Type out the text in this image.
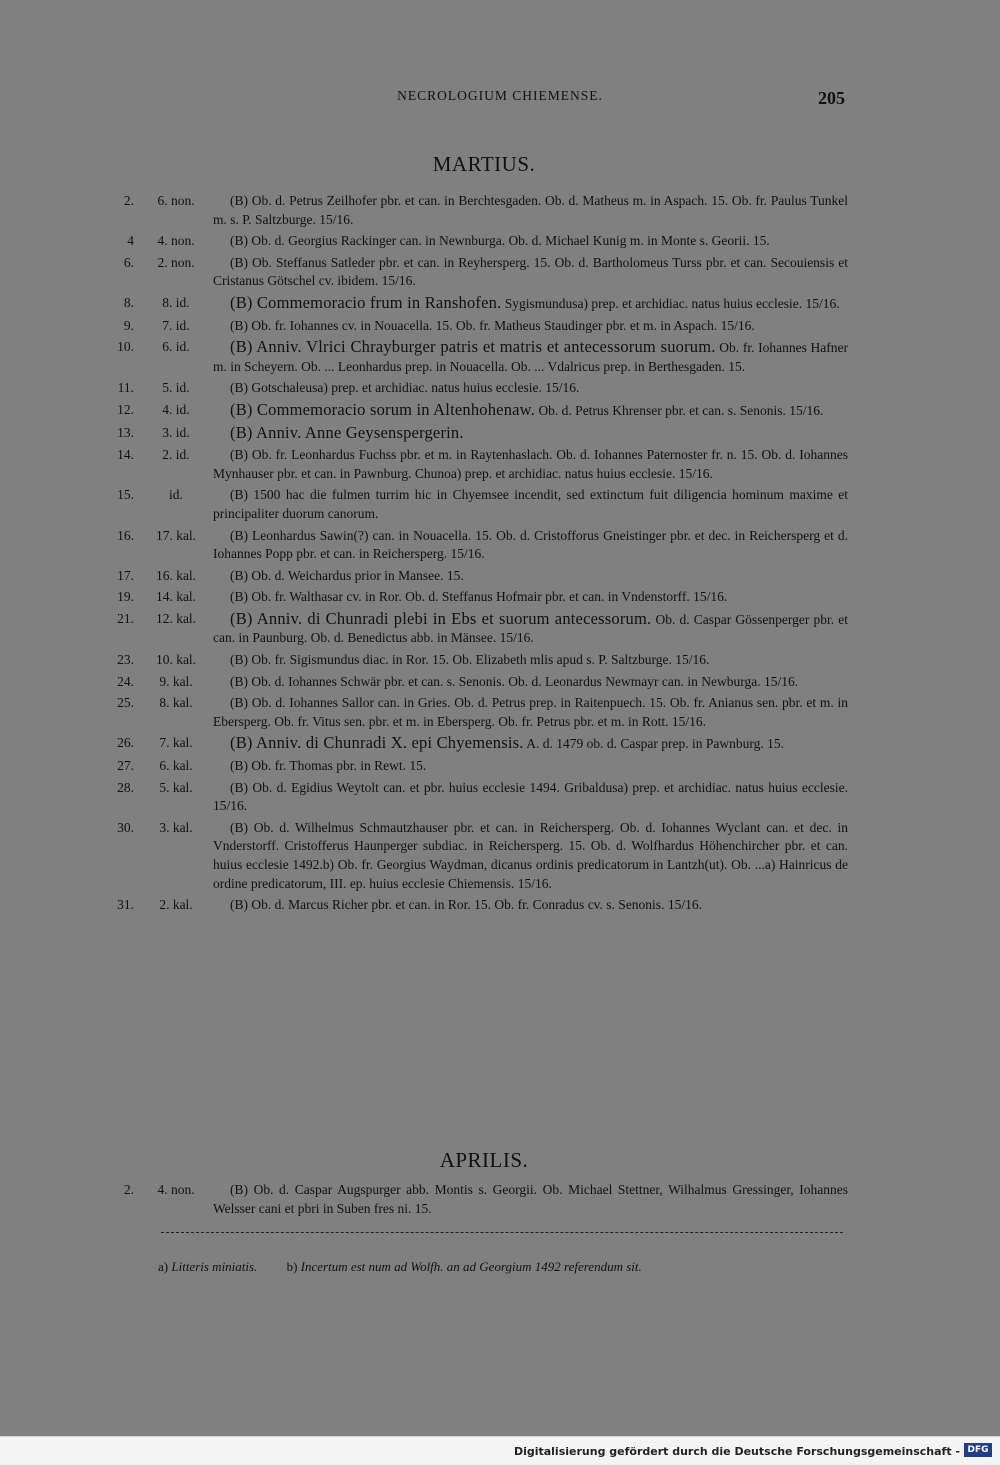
NECROLOGIUM CHIEMENSE.	205
MARTIUS.
2.	6. non.	(B) Ob. d. Petrus Zeilhofer pbr. et can. in Berchtesgaden. Ob. d. Matheus m. in Aspach. 15. Ob. fr. Paulus Tunkel m. s. P. Saltzburge. 15/16.
4	4. non.	(B) Ob. d. Georgius Rackinger can. in Newnburga. Ob. d. Michael Kunig m. in Monte s. Georii. 15.
6.	2. non.	(B) Ob. Steffanus Satleder pbr. et can. in Reyhersperg. 15. Ob. d. Bartholomeus Turss pbr. et can. Secouiensis et Cristanus Götschel cv. ibidem. 15/16.
8.	8. id.	(B) Commemoracio frum in Ranshofen. Sygismundusa) prep. et archidiac. natus huius ecclesie. 15/16.
9.	7. id.	(B) Ob. fr. Iohannes cv. in Nouacella. 15. Ob. fr. Matheus Staudinger pbr. et m. in Aspach. 15/16.
10.	6. id.	(B) Anniv. Vlrici Chrayburger patris et matris et antecessorum suorum. Ob. fr. Iohannes Hafner m. in Scheyern. Ob. ... Leonhardus prep. in Nouacella. Ob. ... Vdalricus prep. in Berthesgaden. 15.
11.	5. id.	(B) Gotschaleusa) prep. et archidiac. natus huius ecclesie. 15/16.
12.	4. id.	(B) Commemoracio sorum in Altenhohenaw. Ob. d. Petrus Khrenser pbr. et can. s. Senonis. 15/16.
13.	3. id.	(B) Anniv. Anne Geysenspergerin.
14.	2. id.	(B) Ob. fr. Leonhardus Fuchss pbr. et m. in Raytenhaslach. Ob. d. Iohannes Paternoster fr. n. 15. Ob. d. Iohannes Mynhauser pbr. et can. in Pawnburg. Chunoa) prep. et archidiac. natus huius ecclesie. 15/16.
15.	id.	(B) 1500 hac die fulmen turrim hic in Chyemsee incendit, sed extinctum fuit diligencia hominum maxime et principaliter duorum canorum.
16.	17. kal.	(B) Leonhardus Sawin(?) can. in Nouacella. 15. Ob. d. Cristofforus Gneistinger pbr. et dec. in Reichersperg et d. Iohannes Popp pbr. et can. in Reichersperg. 15/16.
17.	16. kal.	(B) Ob. d. Weichardus prior in Mansee. 15.
19.	14. kal.	(B) Ob. fr. Walthasar cv. in Ror. Ob. d. Steffanus Hofmair pbr. et can. in Vndenstorff. 15/16.
21.	12. kal.	(B) Anniv. di Chunradi plebi in Ebs et suorum antecessorum. Ob. d. Caspar Gössenperger pbr. et can. in Paunburg. Ob. d. Benedictus abb. in Mänsee. 15/16.
23.	10. kal.	(B) Ob. fr. Sigismundus diac. in Ror. 15. Ob. Elizabeth mlis apud s. P. Saltzburge. 15/16.
24.	9. kal.	(B) Ob. d. Iohannes Schwär pbr. et can. s. Senonis. Ob. d. Leonardus Newmayr can. in Newburga. 15/16.
25.	8. kal.	(B) Ob. d. Iohannes Sallor can. in Gries. Ob. d. Petrus prep. in Raitenpuech. 15. Ob. fr. Anianus sen. pbr. et m. in Ebersperg. Ob. fr. Vitus sen. pbr. et m. in Ebersperg. Ob. fr. Petrus pbr. et m. in Rott. 15/16.
26.	7. kal.	(B) Anniv. di Chunradi X. epi Chyemensis. A. d. 1479 ob. d. Caspar prep. in Pawnburg. 15.
27.	6. kal.	(B) Ob. fr. Thomas pbr. in Rewt. 15.
28.	5. kal.	(B) Ob. d. Egidius Weytolt can. et pbr. huius ecclesie 1494. Gribaldusa) prep. et archidiac. natus huius ecclesie. 15/16.
30.	3. kal.	(B) Ob. d. Wilhelmus Schmautzhauser pbr. et can. in Reichersperg. Ob. d. Iohannes Wyclant can. et dec. in Vnderstorff. Cristofferus Haunperger subdiac. in Reichersperg. 15. Ob. d. Wolfhardus Höhenchircher pbr. et can. huius ecclesie 1492.b) Ob. fr. Georgius Waydman, dicanus ordinis predicatorum in Lantzh(ut). Ob. ...a) Hainricus de ordine predicatorum, III. ep. huius ecclesie Chiemensis. 15/16.
31.	2. kal.	(B) Ob. d. Marcus Richer pbr. et can. in Ror. 15. Ob. fr. Conradus cv. s. Senonis. 15/16.
APRILIS.
2.	4. non.	(B) Ob. d. Caspar Augspurger abb. Montis s. Georgii. Ob. Michael Stettner, Wilhalmus Gressinger, Iohannes Welsser cani et pbri in Suben fres ni. 15.
a) Litteris miniatis. b) Incertum est num ad Wolfh. an ad Georgium 1492 referendum sit.
Digitalisierung gefördert durch die Deutsche Forschungsgemeinschaft - DFG
